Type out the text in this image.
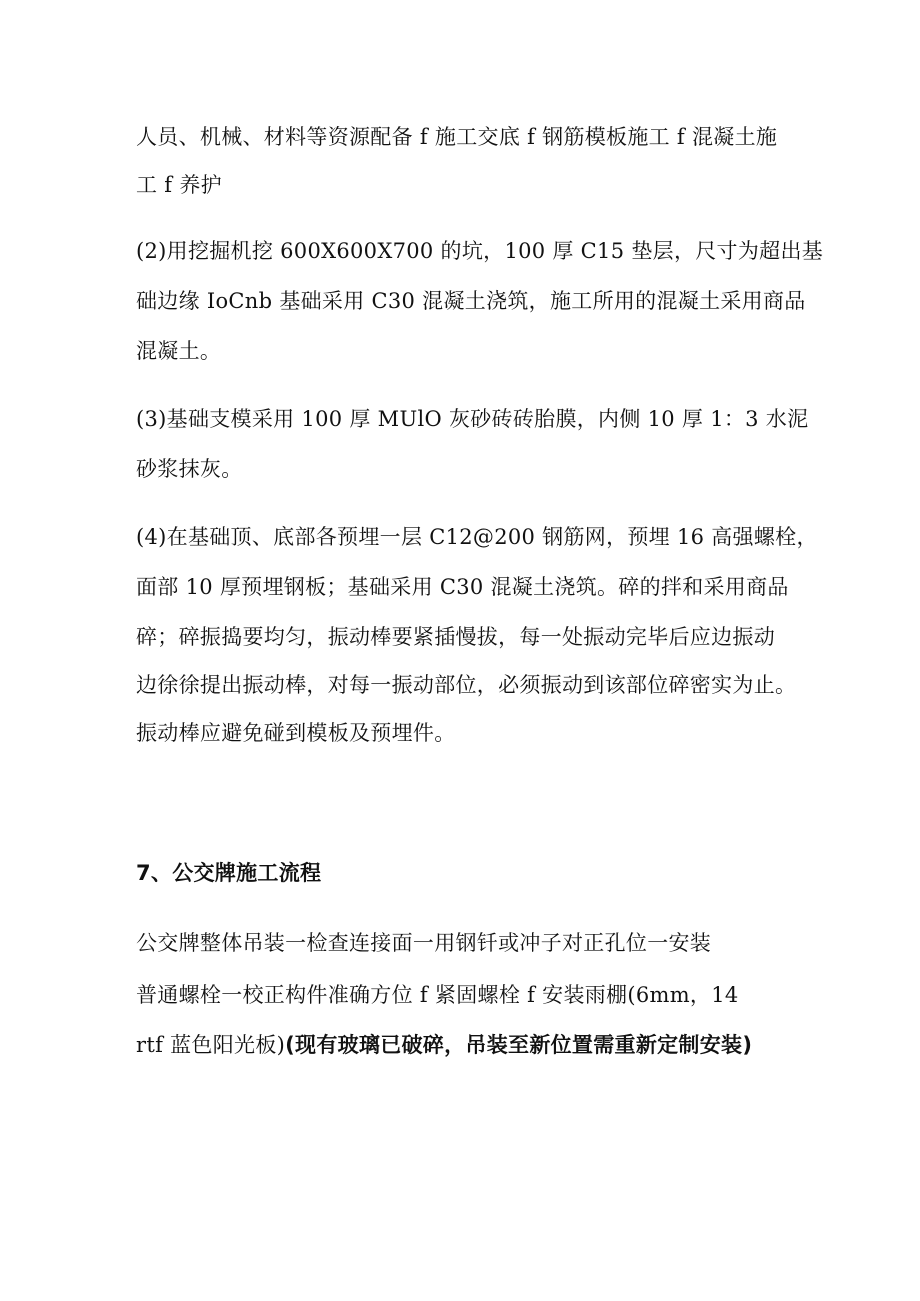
人员、机械、材料等资源配备 f 施工交底 f 钢筋模板施工 f 混凝土施
工 f 养护
(2)用挖掘机挖 600X600X700 的坑，100 厚 C15 垫层，尺寸为超出基
础边缘 IoCnb 基础采用 C30 混凝土浇筑，施工所用的混凝土采用商品
混凝土。
(3)基础支模采用 100 厚 MUlO 灰砂砖砖胎膜，内侧 10 厚 1：3 水泥
砂浆抹灰。
(4)在基础顶、底部各预埋一层 C12@200 钢筋网，预埋 16 高强螺栓，
面部 10 厚预埋钢板；基础采用 C30 混凝土浇筑。碎的拌和采用商品
碎；碎振捣要均匀，振动棒要紧插慢拔，每一处振动完毕后应边振动
边徐徐提出振动棒，对每一振动部位，必须振动到该部位碎密实为止。
振动棒应避免碰到模板及预埋件。
7、公交牌施工流程
公交牌整体吊装一检查连接面一用钢钎或冲子对正孔位一安装
普通螺栓一校正构件准确方位 f 紧固螺栓 f 安装雨棚(6mm，14
rtf 蓝色阳光板)(现有玻璃已破碎，吊装至新位置需重新定制安装)
